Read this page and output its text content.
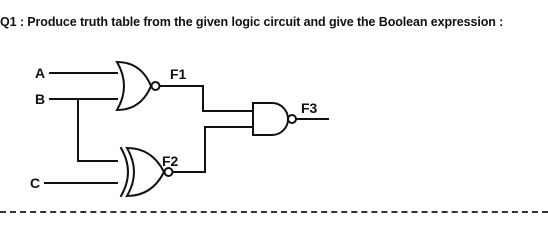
Q1 : Produce truth table from the given logic circuit and give the Boolean expression :
A
B
C
F1
F2
F3
